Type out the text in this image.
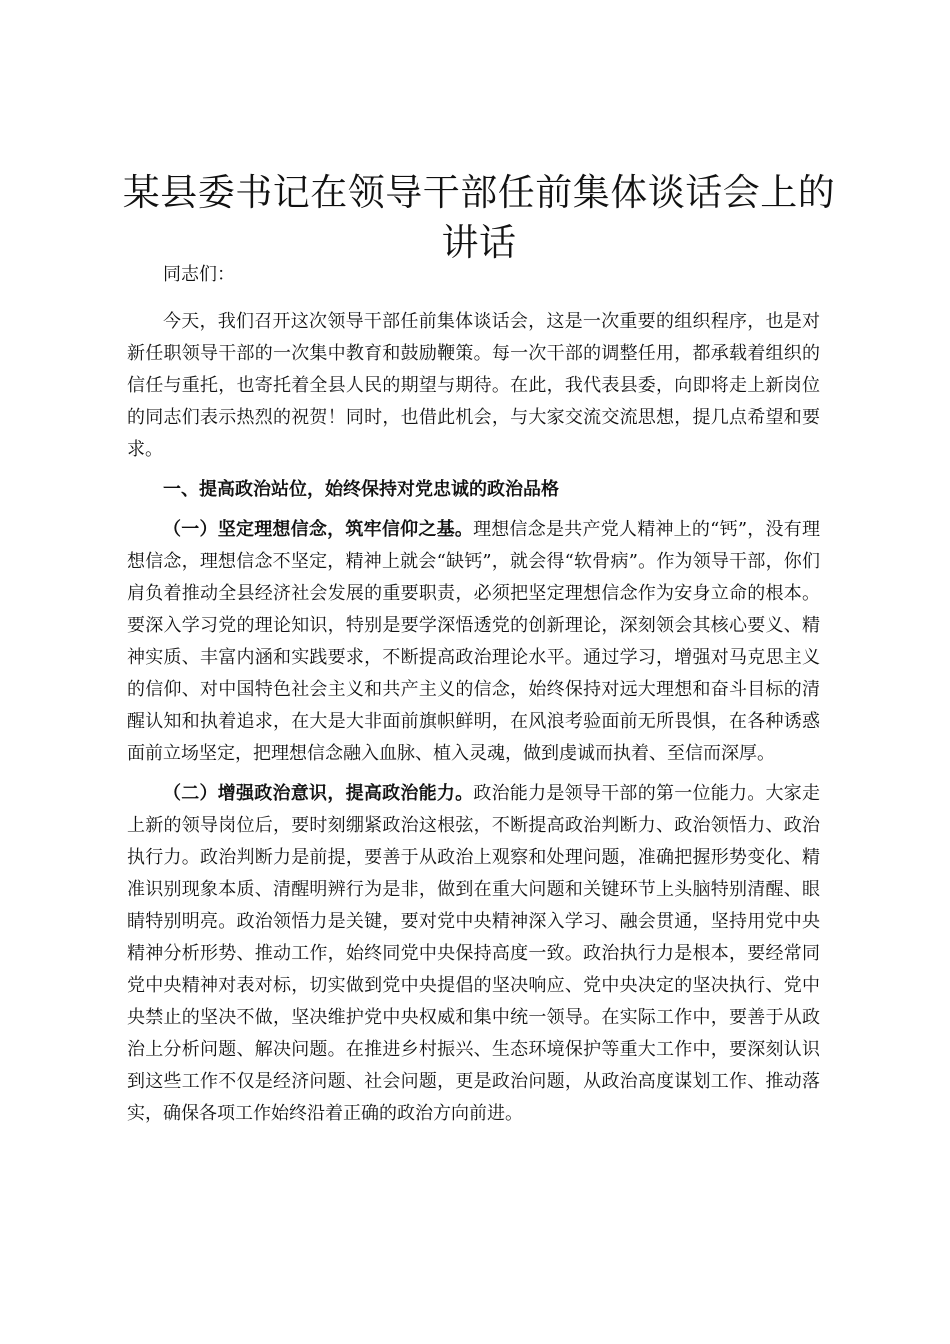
某县委书记在领导干部任前集体谈话会上的讲话

同志们：

今天，我们召开这次领导干部任前集体谈话会，这是一次重要的组织程序，也是对新任职领导干部的一次集中教育和鼓励鞭策。每一次干部的调整任用，都承载着组织的信任与重托，也寄托着全县人民的期望与期待。在此，我代表县委，向即将走上新岗位的同志们表示热烈的祝贺！同时，也借此机会，与大家交流交流思想，提几点希望和要求。

一、提高政治站位，始终保持对党忠诚的政治品格

（一）坚定理想信念，筑牢信仰之基。理想信念是共产党人精神上的“钙”，没有理想信念，理想信念不坚定，精神上就会“缺钙”，就会得“软骨病”。作为领导干部，你们肩负着推动全县经济社会发展的重要职责，必须把坚定理想信念作为安身立命的根本。要深入学习党的理论知识，特别是要学深悟透党的创新理论，深刻领会其核心要义、精神实质、丰富内涵和实践要求，不断提高政治理论水平。通过学习，增强对马克思主义的信仰、对中国特色社会主义和共产主义的信念，始终保持对远大理想和奋斗目标的清醒认知和执着追求，在大是大非面前旗帜鲜明，在风浪考验面前无所畏惧，在各种诱惑面前立场坚定，把理想信念融入血脉、植入灵魂，做到虔诚而执着、至信而深厚。

（二）增强政治意识，提高政治能力。政治能力是领导干部的第一位能力。大家走上新的领导岗位后，要时刻绷紧政治这根弦，不断提高政治判断力、政治领悟力、政治执行力。政治判断力是前提，要善于从政治上观察和处理问题，准确把握形势变化、精准识别现象本质、清醒明辨行为是非，做到在重大问题和关键环节上头脑特别清醒、眼睛特别明亮。政治领悟力是关键，要对党中央精神深入学习、融会贯通，坚持用党中央精神分析形势、推动工作，始终同党中央保持高度一致。政治执行力是根本，要经常同党中央精神对表对标，切实做到党中央提倡的坚决响应、党中央决定的坚决执行、党中央禁止的坚决不做，坚决维护党中央权威和集中统一领导。在实际工作中，要善于从政治上分析问题、解决问题。在推进乡村振兴、生态环境保护等重大工作中，要深刻认识到这些工作不仅是经济问题、社会问题，更是政治问题，从政治高度谋划工作、推动落实，确保各项工作始终沿着正确的政治方向前进。
